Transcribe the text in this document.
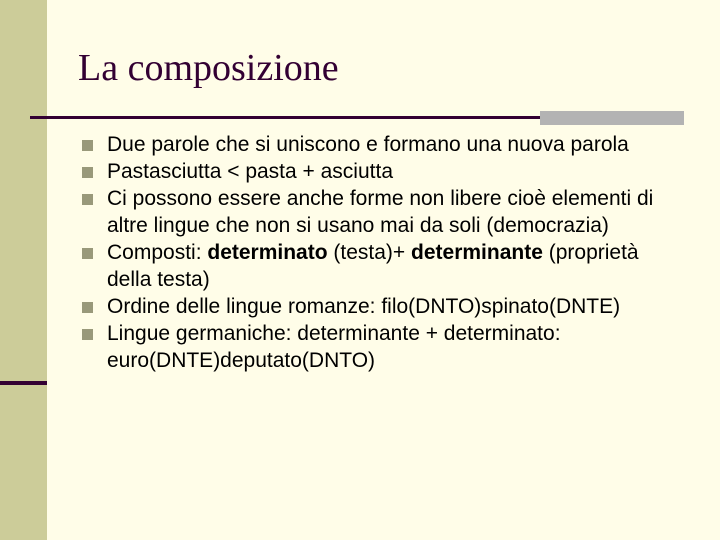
La composizione
Due parole che si uniscono e formano una nuova parola
Pastasciutta < pasta + asciutta
Ci possono essere anche forme non libere cioè elementi di altre lingue che non si usano mai da soli (democrazia)
Composti: determinato (testa)+ determinante (proprietà della testa)
Ordine delle lingue romanze: filo(DNTO)spinato(DNTE)
Lingue germaniche: determinante + determinato: euro(DNTE)deputato(DNTO)
